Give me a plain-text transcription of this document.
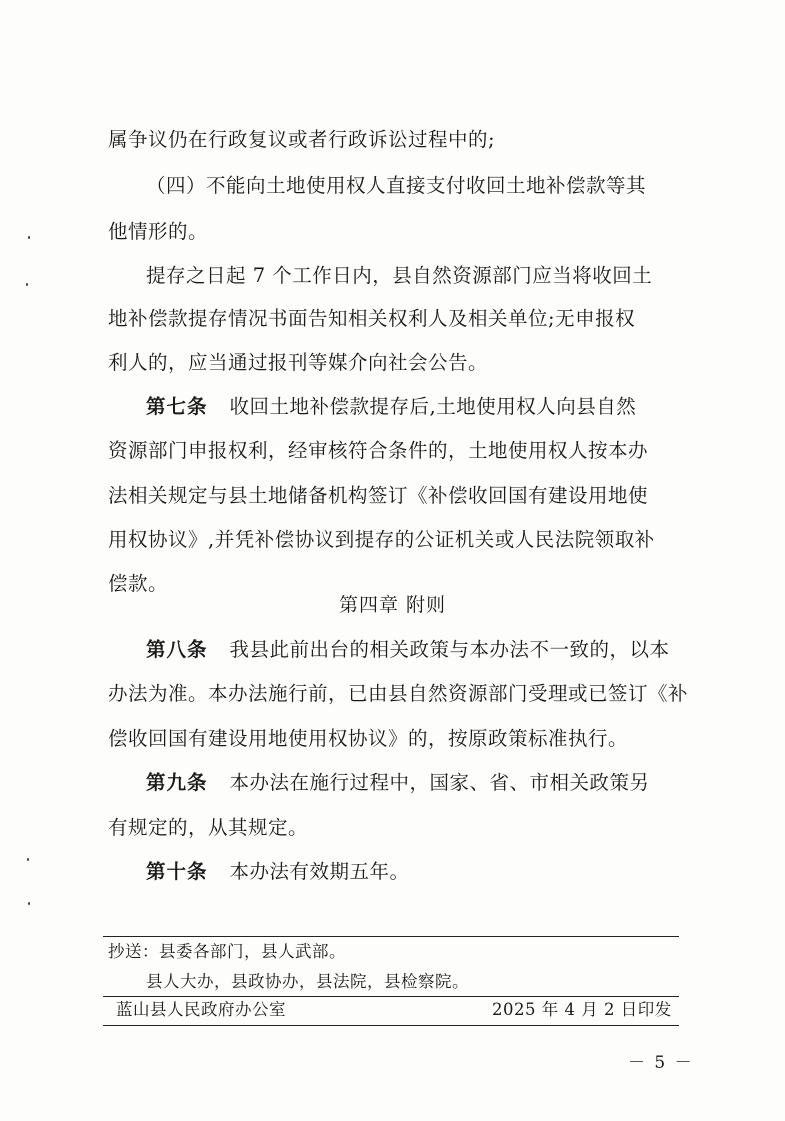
属争议仍在行政复议或者行政诉讼过程中的;
（四）不能向土地使用权人直接支付收回土地补偿款等其
他情形的。
提存之日起 7 个工作日内，县自然资源部门应当将收回土
地补偿款提存情况书面告知相关权利人及相关单位;无申报权
利人的，应当通过报刊等媒介向社会公告。
第七条 收回土地补偿款提存后,土地使用权人向县自然
资源部门申报权利，经审核符合条件的，土地使用权人按本办
法相关规定与县土地储备机构签订《补偿收回国有建设用地使
用权协议》,并凭补偿协议到提存的公证机关或人民法院领取补
偿款。
第四章 附则
第八条 我县此前出台的相关政策与本办法不一致的，以本
办法为准。本办法施行前，已由县自然资源部门受理或已签订《补
偿收回国有建设用地使用权协议》的，按原政策标准执行。
第九条 本办法在施行过程中，国家、省、市相关政策另
有规定的，从其规定。
第十条 本办法有效期五年。
抄送：县委各部门，县人武部。
县人大办，县政协办，县法院，县检察院。
蓝山县人民政府办公室	2025 年 4 月 2 日印发
－ 5 －
